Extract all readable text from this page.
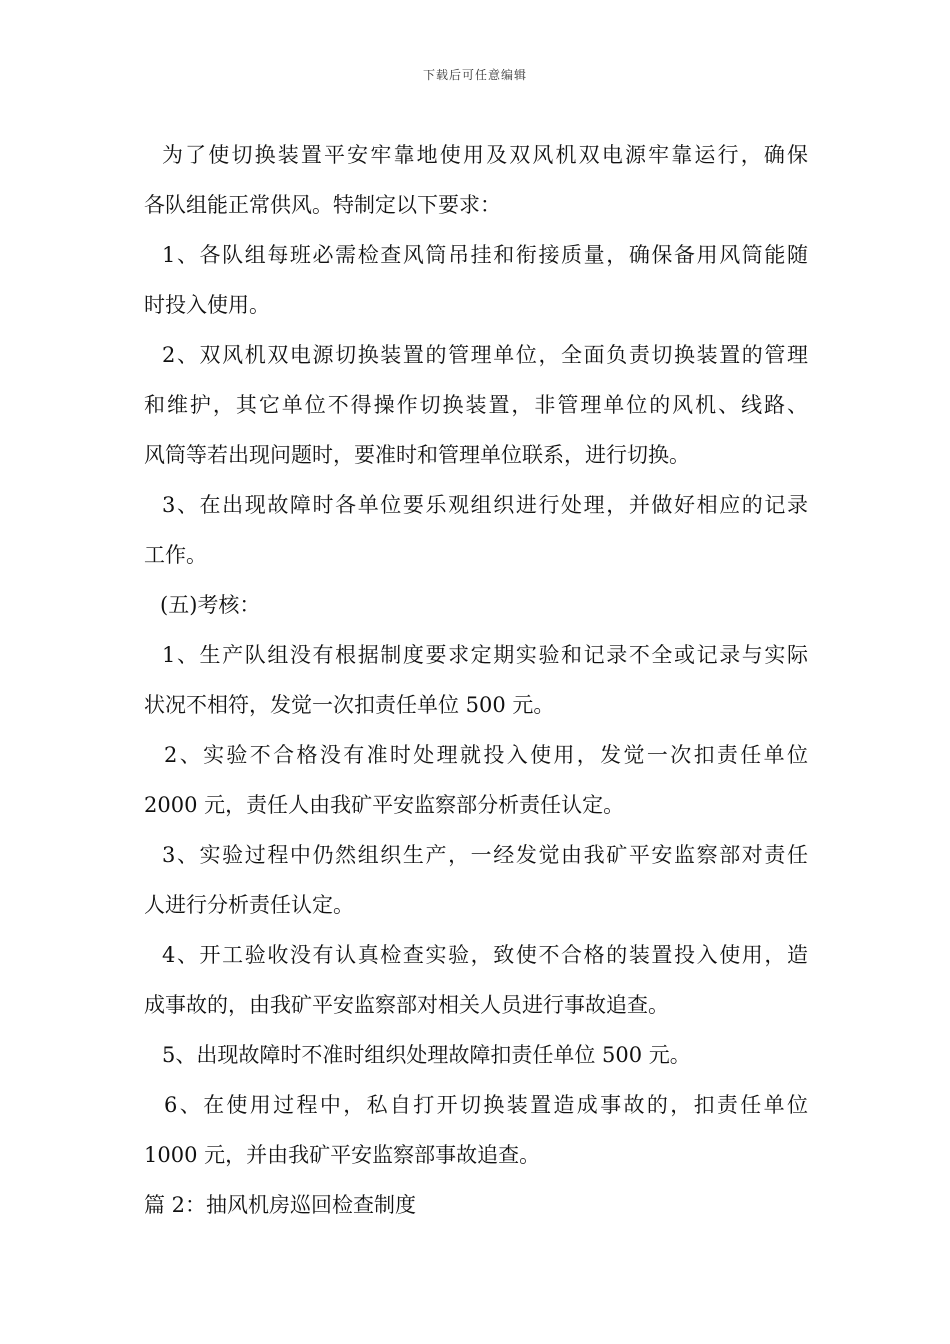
下载后可任意编辑
为了使切换装置平安牢靠地使用及双风机双电源牢靠运行，确保
各队组能正常供风。特制定以下要求：
1、各队组每班必需检查风筒吊挂和衔接质量，确保备用风筒能随
时投入使用。
2、双风机双电源切换装置的管理单位，全面负责切换装置的管理
和维护，其它单位不得操作切换装置，非管理单位的风机、线路、
风筒等若出现问题时，要准时和管理单位联系，进行切换。
3、在出现故障时各单位要乐观组织进行处理，并做好相应的记录
工作。
(五)考核：
1、生产队组没有根据制度要求定期实验和记录不全或记录与实际
状况不相符，发觉一次扣责任单位 500 元。
2、实验不合格没有准时处理就投入使用，发觉一次扣责任单位
2000 元，责任人由我矿平安监察部分析责任认定。
3、实验过程中仍然组织生产，一经发觉由我矿平安监察部对责任
人进行分析责任认定。
4、开工验收没有认真检查实验，致使不合格的装置投入使用，造
成事故的，由我矿平安监察部对相关人员进行事故追查。
5、出现故障时不准时组织处理故障扣责任单位 500 元。
6、在使用过程中，私自打开切换装置造成事故的，扣责任单位
1000 元，并由我矿平安监察部事故追查。
篇 2：抽风机房巡回检查制度
